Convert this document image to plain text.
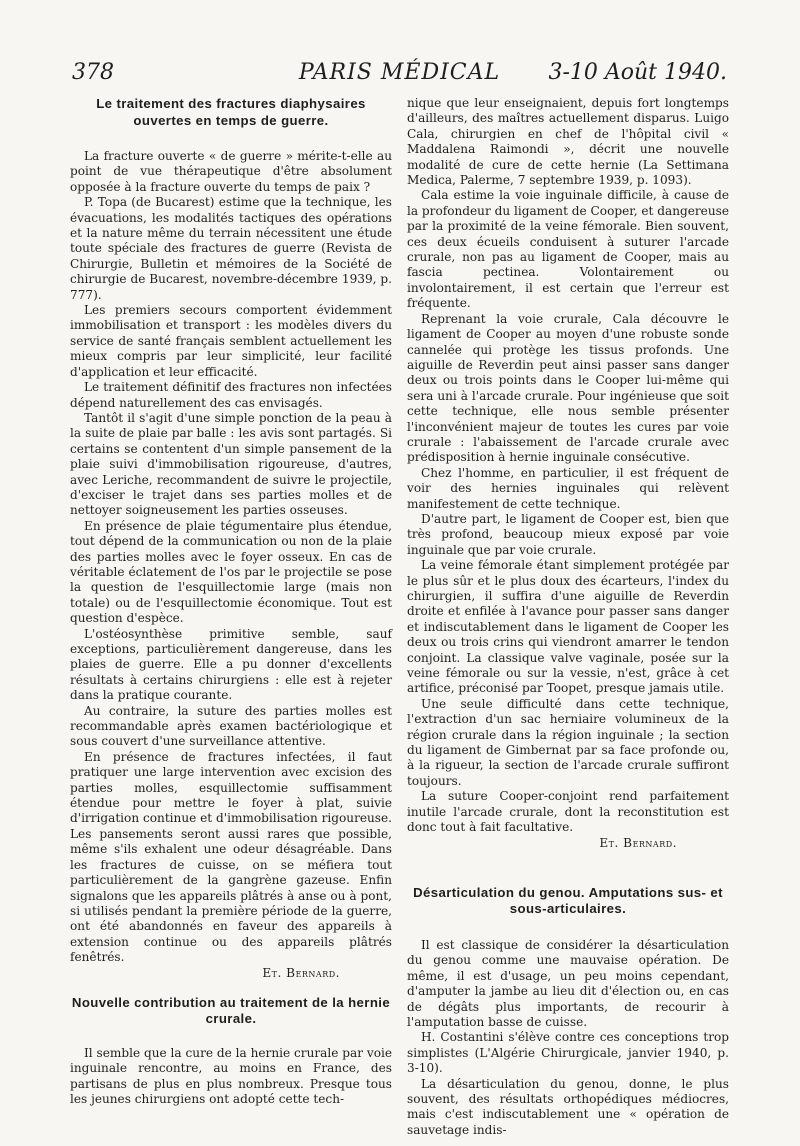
378	PARIS MÉDICAL	3-10 Août 1940.
Le traitement des fractures diaphysaires ouvertes en temps de guerre.

La fracture ouverte « de guerre » mérite-t-elle au point de vue thérapeutique d'être absolument opposée à la fracture ouverte du temps de paix ?

P. Topa (de Bucarest) estime que la technique, les évacuations, les modalités tactiques des opérations et la nature même du terrain nécessitent une étude toute spéciale des fractures de guerre (Revista de Chirurgie, Bulletin et mémoires de la Société de chirurgie de Bucarest, novembre-décembre 1939, p. 777).

Les premiers secours comportent évidemment immobilisation et transport : les modèles divers du service de santé français semblent actuellement les mieux compris par leur simplicité, leur facilité d'application et leur efficacité.

Le traitement définitif des fractures non infectées dépend naturellement des cas envisagés.

Tantôt il s'agit d'une simple ponction de la peau à la suite de plaie par balle : les avis sont partagés. Si certains se contentent d'un simple pansement de la plaie suivi d'immobilisation rigoureuse, d'autres, avec Leriche, recommandent de suivre le projectile, d'exciser le trajet dans ses parties molles et de nettoyer soigneusement les parties osseuses.

En présence de plaie tégumentaire plus étendue, tout dépend de la communication ou non de la plaie des parties molles avec le foyer osseux. En cas de véritable éclatement de l'os par le projectile se pose la question de l'esquillectomie large (mais non totale) ou de l'esquillectomie économique. Tout est question d'espèce.

L'ostéosynthèse primitive semble, sauf exceptions, particulièrement dangereuse, dans les plaies de guerre. Elle a pu donner d'excellents résultats à certains chirurgiens : elle est à rejeter dans la pratique courante.

Au contraire, la suture des parties molles est recommandable après examen bactériologique et sous couvert d'une surveillance attentive.

En présence de fractures infectées, il faut pratiquer une large intervention avec excision des parties molles, esquillectomie suffisamment étendue pour mettre le foyer à plat, suivie d'irrigation continue et d'immobilisation rigoureuse. Les pansements seront aussi rares que possible, même s'ils exhalent une odeur désagréable. Dans les fractures de cuisse, on se méfiera tout particulièrement de la gangrène gazeuse. Enfin signalons que les appareils plâtrés à anse ou à pont, si utilisés pendant la première période de la guerre, ont été abandonnés en faveur des appareils à extension continue ou des appareils plâtrés fenêtrés.

Et. Bernard.

Nouvelle contribution au traitement de la hernie crurale.

Il semble que la cure de la hernie crurale par voie inguinale rencontre, au moins en France, des partisans de plus en plus nombreux. Presque tous les jeunes chirurgiens ont adopté cette tech-

nique que leur enseignaient, depuis fort longtemps d'ailleurs, des maîtres actuellement disparus. Luigo Cala, chirurgien en chef de l'hôpital civil « Maddalena Raimondi », décrit une nouvelle modalité de cure de cette hernie (La Settimana Medica, Palerme, 7 septembre 1939, p. 1093).

Cala estime la voie inguinale difficile, à cause de la profondeur du ligament de Cooper, et dangereuse par la proximité de la veine fémorale. Bien souvent, ces deux écueils conduisent à suturer l'arcade crurale, non pas au ligament de Cooper, mais au fascia pectinea. Volontairement ou involontairement, il est certain que l'erreur est fréquente.

Reprenant la voie crurale, Cala découvre le ligament de Cooper au moyen d'une robuste sonde cannelée qui protège les tissus profonds. Une aiguille de Reverdin peut ainsi passer sans danger deux ou trois points dans le Cooper lui-même qui sera uni à l'arcade crurale. Pour ingénieuse que soit cette technique, elle nous semble présenter l'inconvénient majeur de toutes les cures par voie crurale : l'abaissement de l'arcade crurale avec prédisposition à hernie inguinale consécutive.

Chez l'homme, en particulier, il est fréquent de voir des hernies inguinales qui relèvent manifestement de cette technique.

D'autre part, le ligament de Cooper est, bien que très profond, beaucoup mieux exposé par voie inguinale que par voie crurale.

La veine fémorale étant simplement protégée par le plus sûr et le plus doux des écarteurs, l'index du chirurgien, il suffira d'une aiguille de Reverdin droite et enfilée à l'avance pour passer sans danger et indiscutablement dans le ligament de Cooper les deux ou trois crins qui viendront amarrer le tendon conjoint. La classique valve vaginale, posée sur la veine fémorale ou sur la vessie, n'est, grâce à cet artifice, préconisé par Toopet, presque jamais utile.

Une seule difficulté dans cette technique, l'extraction d'un sac herniaire volumineux de la région crurale dans la région inguinale ; la section du ligament de Gimbernat par sa face profonde ou, à la rigueur, la section de l'arcade crurale suffiront toujours.

La suture Cooper-conjoint rend parfaitement inutile l'arcade crurale, dont la reconstitution est donc tout à fait facultative.

Et. Bernard.

Désarticulation du genou. Amputations sus- et sous-articulaires.

Il est classique de considérer la désarticulation du genou comme une mauvaise opération. De même, il est d'usage, un peu moins cependant, d'amputer la jambe au lieu dit d'élection ou, en cas de dégâts plus importants, de recourir à l'amputation basse de cuisse.

H. Costantini s'élève contre ces conceptions trop simplistes (L'Algérie Chirurgicale, janvier 1940, p. 3-10).

La désarticulation du genou, donne, le plus souvent, des résultats orthopédiques médiocres, mais c'est indiscutablement une « opération de sauvetage indis-
